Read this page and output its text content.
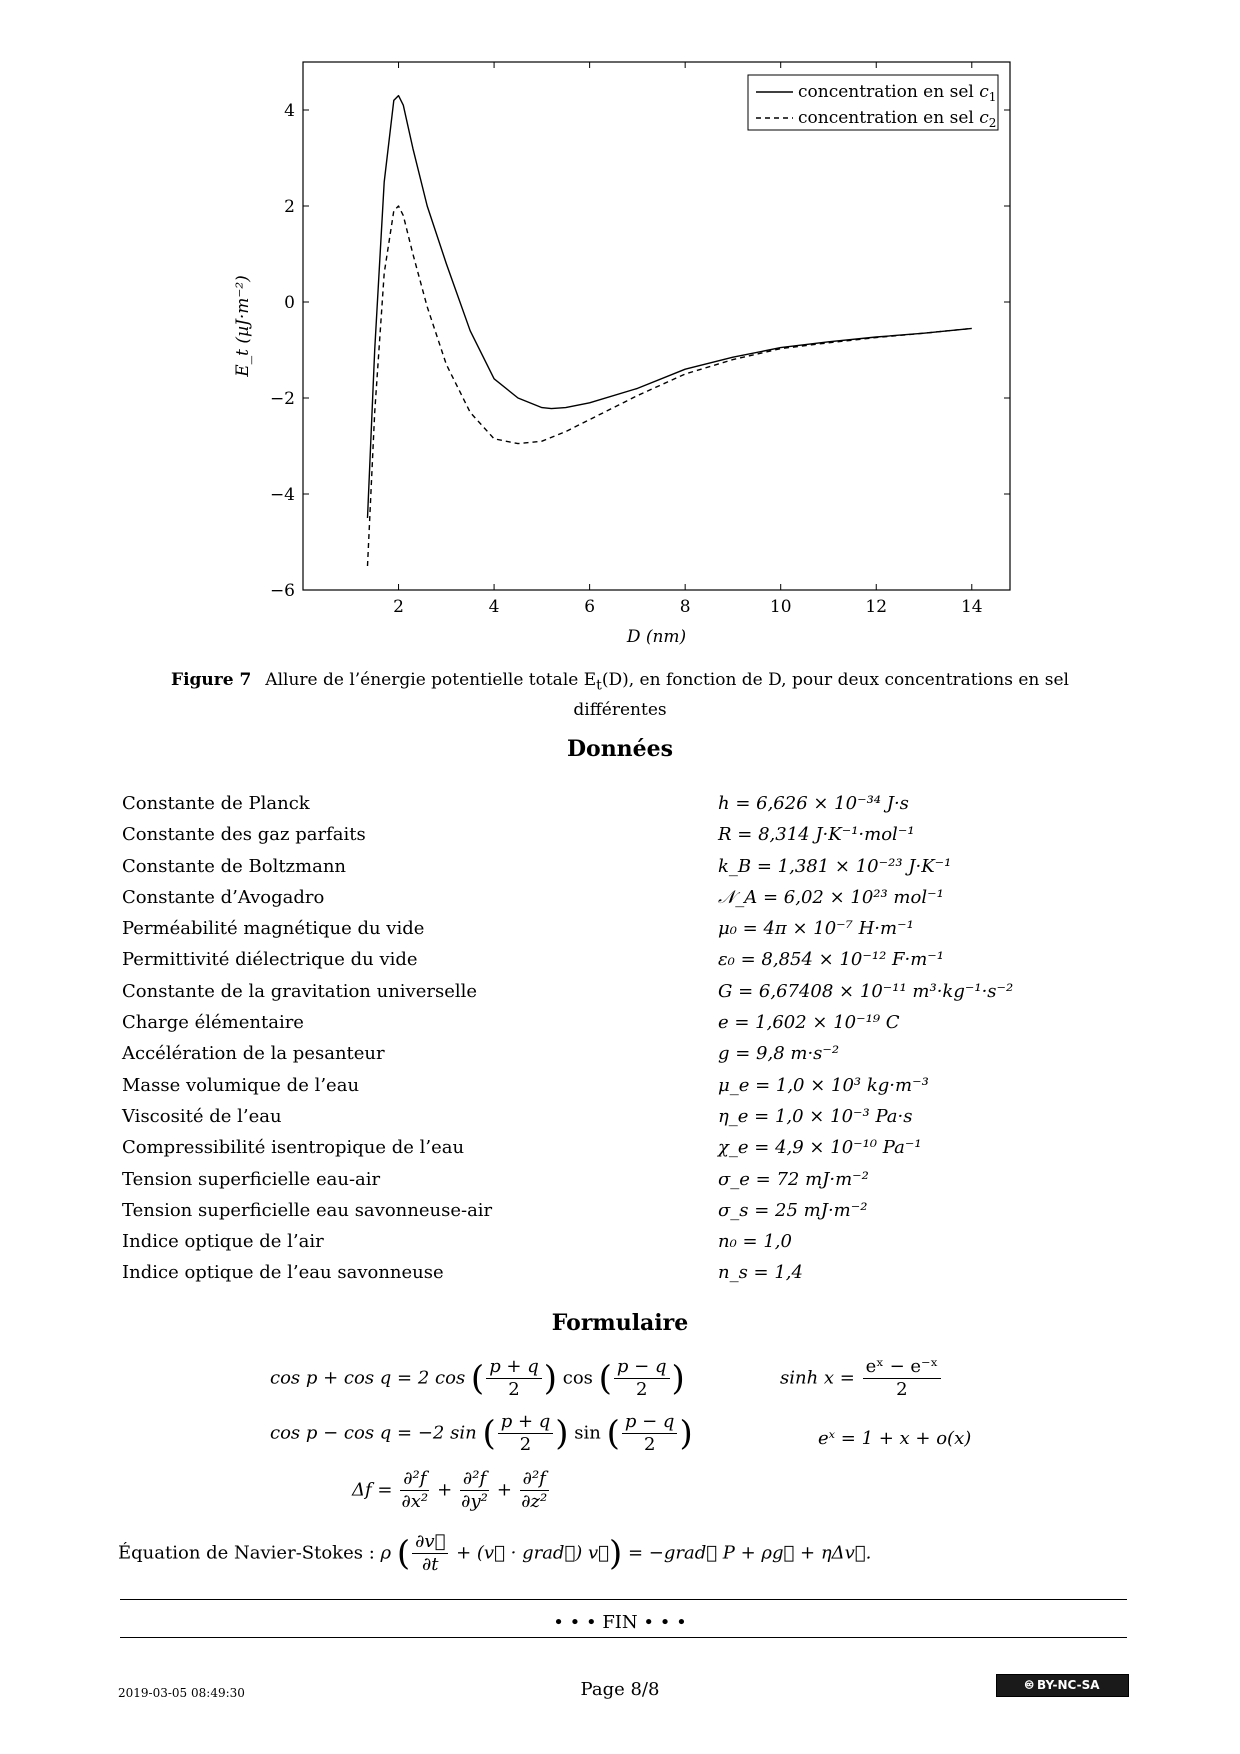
2	4	6	8	10	12	14
−6
−4
−2
0
2
4
D (nm)
E_t (µJ·m⁻²)
concentration en sel $c_1$
concentration en sel $c_2$
Figure 7 Allure de l’énergie potentielle totale $E_t(D)$, en fonction de D, pour deux concentrations en sel
différentes
Données
Constante de Planck	h = 6,626 × 10⁻³⁴ J·s
Constante des gaz parfaits	R = 8,314 J·K⁻¹·mol⁻¹
Constante de Boltzmann	k_B = 1,381 × 10⁻²³ J·K⁻¹
Constante d’Avogadro	𝒩_A = 6,02 × 10²³ mol⁻¹
Perméabilité magnétique du vide	μ₀ = 4π × 10⁻⁷ H·m⁻¹
Permittivité diélectrique du vide	ε₀ = 8,854 × 10⁻¹² F·m⁻¹
Constante de la gravitation universelle	G = 6,67408 × 10⁻¹¹ m³·kg⁻¹·s⁻²
Charge élémentaire	e = 1,602 × 10⁻¹⁹ C
Accélération de la pesanteur	g = 9,8 m·s⁻²
Masse volumique de l’eau	μ_e = 1,0 × 10³ kg·m⁻³
Viscosité de l’eau	η_e = 1,0 × 10⁻³ Pa·s
Compressibilité isentropique de l’eau	χ_e = 4,9 × 10⁻¹⁰ Pa⁻¹
Tension superficielle eau-air	σ_e = 72 mJ·m⁻²
Tension superficielle eau savonneuse-air	σ_s = 25 mJ·m⁻²
Indice optique de l’air	n₀ = 1,0
Indice optique de l’eau savonneuse	n_s = 1,4
Formulaire
cos p + cos q = 2 cos ( $\frac{p + q}{2}$ ) cos ( $\frac{p - q}{2}$ )	$\sinh x = \frac{\text{eˣ − e⁻ˣ}}{2}$
cos p − cos q = −2 sin ( $\frac{p + q}{2}$ ) sin ( $\frac{p - q}{2}$ )	eˣ = 1 + x + o(x)
$\Delta f = \frac{\text{∂²f}}{\text{∂x²}} + \frac{\text{∂²f}}{\text{∂y²}} + \frac{\text{∂²f}}{\text{∂z²}}$
Équation de Navier-Stokes : ρ ( $\frac{\partial v⃗}{\partial t}$ + (v⃗ · grad⃗) v⃗) = −grad⃗ P + ρg⃗ + ηΔv⃗.
• • • FIN • • •
2019-03-05 08:49:30	Page 8/8	🅭 BY-NC-SA
